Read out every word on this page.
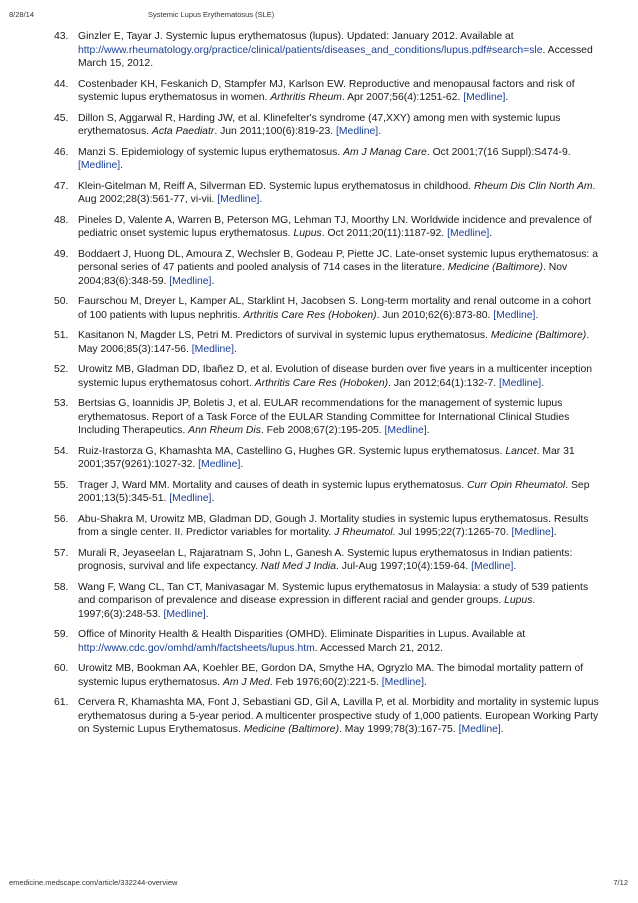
8/28/14	Systemic Lupus Erythematosus (SLE)
43. Ginzler E, Tayar J. Systemic lupus erythematosus (lupus). Updated: January 2012. Available at http://www.rheumatology.org/practice/clinical/patients/diseases_and_conditions/lupus.pdf#search=sle. Accessed March 15, 2012.
44. Costenbader KH, Feskanich D, Stampfer MJ, Karlson EW. Reproductive and menopausal factors and risk of systemic lupus erythematosus in women. Arthritis Rheum. Apr 2007;56(4):1251-62. [Medline].
45. Dillon S, Aggarwal R, Harding JW, et al. Klinefelter's syndrome (47,XXY) among men with systemic lupus erythematosus. Acta Paediatr. Jun 2011;100(6):819-23. [Medline].
46. Manzi S. Epidemiology of systemic lupus erythematosus. Am J Manag Care. Oct 2001;7(16 Suppl):S474-9. [Medline].
47. Klein-Gitelman M, Reiff A, Silverman ED. Systemic lupus erythematosus in childhood. Rheum Dis Clin North Am. Aug 2002;28(3):561-77, vi-vii. [Medline].
48. Pineles D, Valente A, Warren B, Peterson MG, Lehman TJ, Moorthy LN. Worldwide incidence and prevalence of pediatric onset systemic lupus erythematosus. Lupus. Oct 2011;20(11):1187-92. [Medline].
49. Boddaert J, Huong DL, Amoura Z, Wechsler B, Godeau P, Piette JC. Late-onset systemic lupus erythematosus: a personal series of 47 patients and pooled analysis of 714 cases in the literature. Medicine (Baltimore). Nov 2004;83(6):348-59. [Medline].
50. Faurschou M, Dreyer L, Kamper AL, Starklint H, Jacobsen S. Long-term mortality and renal outcome in a cohort of 100 patients with lupus nephritis. Arthritis Care Res (Hoboken). Jun 2010;62(6):873-80. [Medline].
51. Kasitanon N, Magder LS, Petri M. Predictors of survival in systemic lupus erythematosus. Medicine (Baltimore). May 2006;85(3):147-56. [Medline].
52. Urowitz MB, Gladman DD, Ibañez D, et al. Evolution of disease burden over five years in a multicenter inception systemic lupus erythematosus cohort. Arthritis Care Res (Hoboken). Jan 2012;64(1):132-7. [Medline].
53. Bertsias G, Ioannidis JP, Boletis J, et al. EULAR recommendations for the management of systemic lupus erythematosus. Report of a Task Force of the EULAR Standing Committee for International Clinical Studies Including Therapeutics. Ann Rheum Dis. Feb 2008;67(2):195-205. [Medline].
54. Ruiz-Irastorza G, Khamashta MA, Castellino G, Hughes GR. Systemic lupus erythematosus. Lancet. Mar 31 2001;357(9261):1027-32. [Medline].
55. Trager J, Ward MM. Mortality and causes of death in systemic lupus erythematosus. Curr Opin Rheumatol. Sep 2001;13(5):345-51. [Medline].
56. Abu-Shakra M, Urowitz MB, Gladman DD, Gough J. Mortality studies in systemic lupus erythematosus. Results from a single center. II. Predictor variables for mortality. J Rheumatol. Jul 1995;22(7):1265-70. [Medline].
57. Murali R, Jeyaseelan L, Rajaratnam S, John L, Ganesh A. Systemic lupus erythematosus in Indian patients: prognosis, survival and life expectancy. Natl Med J India. Jul-Aug 1997;10(4):159-64. [Medline].
58. Wang F, Wang CL, Tan CT, Manivasagar M. Systemic lupus erythematosus in Malaysia: a study of 539 patients and comparison of prevalence and disease expression in different racial and gender groups. Lupus. 1997;6(3):248-53. [Medline].
59. Office of Minority Health & Health Disparities (OMHD). Eliminate Disparities in Lupus. Available at http://www.cdc.gov/omhd/amh/factsheets/lupus.htm. Accessed March 21, 2012.
60. Urowitz MB, Bookman AA, Koehler BE, Gordon DA, Smythe HA, Ogryzlo MA. The bimodal mortality pattern of systemic lupus erythematosus. Am J Med. Feb 1976;60(2):221-5. [Medline].
61. Cervera R, Khamashta MA, Font J, Sebastiani GD, Gil A, Lavilla P, et al. Morbidity and mortality in systemic lupus erythematosus during a 5-year period. A multicenter prospective study of 1,000 patients. European Working Party on Systemic Lupus Erythematosus. Medicine (Baltimore). May 1999;78(3):167-75. [Medline].
emedicine.medscape.com/article/332244-overview	7/12
